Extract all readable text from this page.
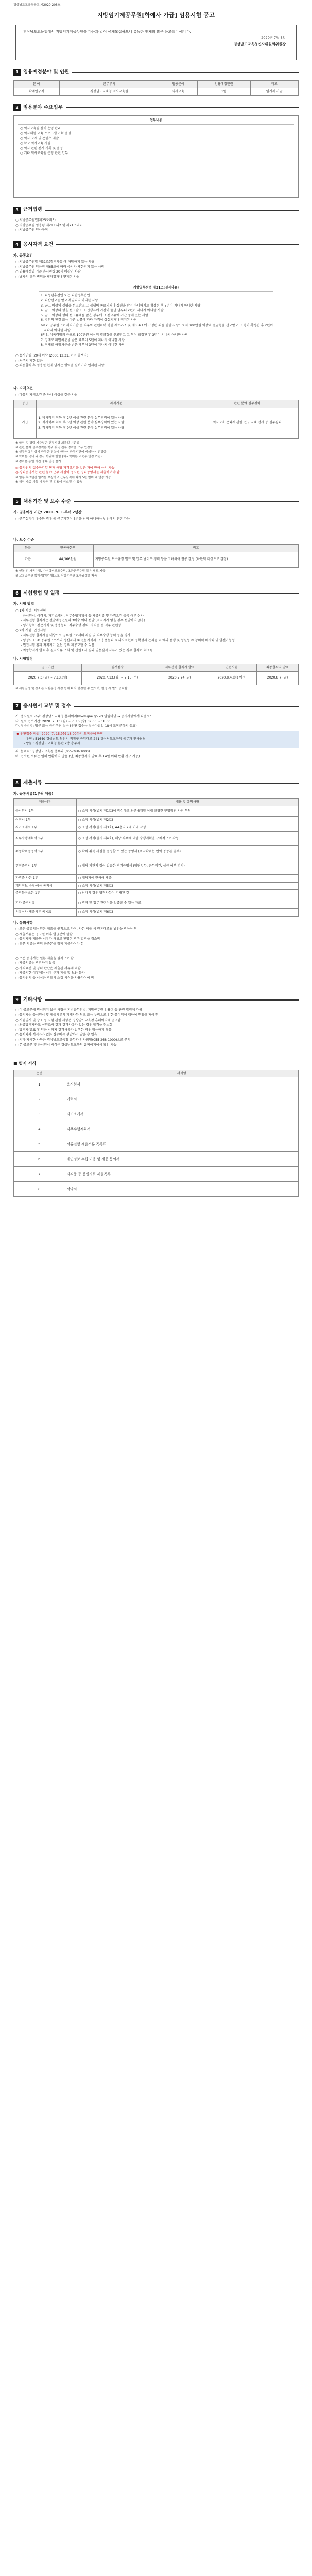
경상남도교육청공고 제2020-208호
지방임기제공무원[학예사 가급] 임용시험 공고
경상남도교육청에서 지방임기제공무원을 다음과 같이 공개모집하오니 유능한 인재의 많은 응모를 바랍니다.
2020년 7월 3일
경상남도교육청인사위원회위원장
1 임용예정분야 및 인원
분 야	근무부서	임용분야	임용예정인원	비고
학예연구직	경상남도교육청 역사교육원	역사교육	1명	임기제 가급
2 임용분야 주요업무
업무내용
○ 역사교육원 설치 운영 관리
○ 역사체험·교육 프로그램 기획·운영
○ 역사 교재 및 콘텐츠 개발
○ 학교 역사교육 지원
○ 역사 관련 전시 기획 및 운영
○ 기타 역사교육원 운영 관련 업무
3 근거법령
○ 지방공무원법(제25조의5)
○ 지방공무원 임용령 제21조의2 및 제21조의9
○ 지방공무원 인사규칙
4 응시자격 요건
가. 공통요건
○ 지방공무원법 제31조(결격사유)에 해당하지 않는 사람
○ 지방공무원 임용령 제65조에 따라 응시가 제한되지 않은 사람
○ 임용예정일 기준 응시연령 20세 이상인 사람
○ 남자의 경우 병역을 필하였거나 면제된 사람
지방공무원법 제31조(결격사유)
1. 피성년후견인 또는 피한정후견인
2. 파산선고를 받고 복권되지 아니한 사람
3. 금고 이상의 실형을 선고받고 그 집행이 종료되거나 집행을 받지 아니하기로 확정된 후 5년이 지나지 아니한 사람
4. 금고 이상의 형을 선고받고 그 집행유예 기간이 끝난 날부터 2년이 지나지 아니한 사람
5. 금고 이상의 형의 선고유예를 받은 경우에 그 선고유예 기간 중에 있는 사람
6. 법원의 판결 또는 다른 법률에 따라 자격이 상실되거나 정지된 사람
6의2. 공무원으로 재직기간 중 직무와 관련하여 형법 제355조 및 제356조에 규정된 죄를 범한 사람으로서 300만원 이상의 벌금형을 선고받고 그 형이 확정된 후 2년이 지나지 아니한 사람
6의3. 성폭력범죄 등으로 100만원 이상의 벌금형을 선고받고 그 형이 확정된 후 3년이 지나지 아니한 사람
7. 징계로 파면처분을 받은 때부터 5년이 지나지 아니한 사람
8. 징계로 해임처분을 받은 때부터 3년이 지나지 아니한 사람
○ 응시연령: 20세 이상 (2000.12.31. 이전 출생자)
○ 거주지 제한 없음
○ 최종합격 후 임용일 현재 남자는 병역을 필하거나 면제된 사람
나. 자격요건
○ 다음의 자격요건 중 하나 이상을 갖춘 사람
등급	자격기준	관련 분야 실무경력
가급	1. 박사학위 취득 후 2년 이상 관련 분야 실무경력이 있는 사람
2. 석사학위 취득 후 5년 이상 관련 분야 실무경력이 있는 사람
3. 학사학위 취득 후 9년 이상 관련 분야 실무경력이 있는 사람	역사교육·문화재 관련 연구·교육·전시 등 실무경력
※ 학위 및 경력 기준일은 면접시험 최종일 기준임
※ 관련 분야 실무경력은 학위 취득 전후 경력을 모두 인정함
※ 실무경력은 상시 근무한 경력에 한하며 근무시간에 비례하여 인정함
※ 학위는 국내·외 정규 학위에 한함 (외국학위는 교육부 인정 기관)
※ 경력은 동일 기간 중복 인정 불가
◎ 응시원서 접수마감일 현재 해당 자격요건을 갖춘 자에 한해 응시 가능
◎ 경력증명서는 관련 분야 근무 사실이 명시된 경력증명서를 제출하여야 함
※ 임용 후 2년간 임기를 보장하고 근무실적에 따라 5년 범위 내 연장 가능
※ 허위 자료 제출 시 합격 및 임용이 취소될 수 있음
5 채용기간 및 보수 수준
가. 임용예정 기간: 2020. 9. 1.부터 2년간
○ 근무실적이 우수한 경우 총 근무기간이 5년을 넘지 아니하는 범위에서 연장 가능
나. 보수 수준
등급	연봉하한액	비고
가급	44,366천원	지방공무원 보수규정 별표 및 업무 난이도·경력 등을 고려하여 연봉 결정 (하한액 이상으로 결정)
※ 연봉 외 가족수당, 자녀학비보조수당, 초과근무수당 등은 별도 지급
※ 교육공무원 학예직(임기제)으로 지방공무원 보수규정을 따름
6 시험방법 및 일정
가. 시험 방법
○ 1차 시험: 서류전형
- 응시원서, 이력서, 자기소개서, 직무수행계획서 등 제출서류 및 자격요건 충족 여부 심사
- 서류전형 합격자는 선발예정인원의 3배수 이내 선발 (적격자가 없을 경우 선발하지 않음)
- 평가항목: 전문지식 및 응용능력, 직무수행 경력, 자격증 등 직무 관련성
○ 2차 시험: 면접시험
- 서류전형 합격자를 대상으로 공무원으로서의 자질 및 직무수행 능력 등을 평가
- 평정요소: ① 공무원으로서의 정신자세 ② 전문지식과 그 응용능력 ③ 의사표현의 정확성과 논리성 ④ 예의·품행 및 성실성 ⑤ 창의력·의지력 및 발전가능성
- 면접시험 결과 적격자가 없는 경우 재공고할 수 있음
- 최종합격자 발표 후 결격사유 조회 및 신원조사 결과 임용결격 사유가 있는 경우 합격이 취소됨
나. 시험일정
공고기간	원서접수	서류전형 합격자 발표	면접시험	최종합격자 발표
2020.7.3.(금) ~ 7.13.(월)	2020.7.13.(월) ~ 7.15.(수)	2020.7.24.(금)	2020.8.4.(화) 예정	2020.8.7.(금)
※ 시험일정 및 장소는 시험운영 사정 등에 따라 변경될 수 있으며, 변경 시 별도 공지함
7 응시원서 교부 및 접수
가. 응시원서 교부: 경상남도교육청 홈페이지(www.gne.go.kr) 알림마당 → 공지사항에서 다운로드
나. 원서 접수기간: 2020. 7. 13.(월) ~ 7. 15.(수) 09:00 ~ 18:00
다. 접수방법: 방문 또는 등기우편 접수 (우편 접수는 접수마감일 18시 도착분까지 유효)
◆ 우편접수 마감: 2020. 7. 15.(수) 18:00까지 도착분에 한함
- 우편 : 51640 경상남도 창원시 의창구 중앙대로 241 경상남도교육청 총무과 인사담당
- 방문 : 경상남도교육청 본관 2층 총무과
라. 문의처: 경상남도교육청 총무과 (055-268-1000)
마. 접수된 서류는 일체 반환하지 않음 (단, 최종합격자 발표 후 14일 이내 반환 청구 가능)
8 제출서류
가. 공통서류(1부씩 제출)
제출서류	내용 및 유의사항
응시원서 1부	○ 소정 서식(별지 제1호)에 작성하고 최근 6개월 이내 촬영한 반명함판 사진 부착
이력서 1부	○ 소정 서식(별지 제2호)
자기소개서 1부	○ 소정 서식(별지 제3호), A4용지 2매 이내 작성
직무수행계획서 1부	○ 소정 서식(별지 제4호), 해당 직무에 대한 수행계획을 구체적으로 작성
최종학위증명서 1부	○ 학위 취득 사실을 증빙할 수 있는 증명서 (외국학위는 번역 공증본 첨부)
경력증명서 1부	○ 해당 기관의 장이 발급한 경력증명서 (담당업무, 근무기간, 상근 여부 명시)
자격증 사본 1부	○ 해당자에 한하여 제출
개인정보 수집·이용 동의서	○ 소정 서식(별지 제5호)
주민등록초본 1부	○ 남자의 경우 병적사항이 기재된 것
기타 증빙서류	○ 경력 및 업무 관련성을 입증할 수 있는 자료
서류심사 제출서류 목록표	○ 소정 서식(별지 제6호)
나. 유의사항
○ 모든 증명서는 원본 제출을 원칙으로 하며, 사본 제출 시 원본대조필 날인을 받아야 함
○ 제출서류는 공고일 이후 발급분에 한함
○ 응시자가 제출한 서류가 허위로 판명된 경우 합격을 취소함
○ 영문 서류는 번역 공증본을 함께 제출하여야 함
○ 모든 증명서는 원본 제출을 원칙으로 함
○ 제출서류는 반환하지 않음
○ 자격요건 및 경력 판단은 제출된 서류에 의함
○ 제출기한 이후에는 서류 추가 제출 및 보완 불가
○ 응시원서 등 서식은 반드시 소정 서식을 사용하여야 함
9 기타사항
○ 이 공고문에 명시되지 않은 사항은 지방공무원법, 지방공무원 임용령 등 관련 법령에 따름
○ 응시자는 응시원서 및 제출서류의 기재사항 착오 또는 누락으로 인한 불이익에 대하여 책임을 져야 함
○ 시험일시 및 장소 등 시험 관련 사항은 경상남도교육청 홈페이지에 공고함
○ 최종합격자라도 신원조사 결과 결격사유가 있는 경우 합격을 취소함
○ 합격자 발표 후 임용 시까지 결격사유가 발생한 경우 임용하지 않음
○ 응시자가 적격자가 없는 경우에는 선발하지 않을 수 있음
○ 기타 자세한 사항은 경상남도교육청 총무과 인사담당(055-268-1000)으로 문의
○ 본 공고문 및 응시원서 서식은 경상남도교육청 홈페이지에서 확인 가능
■ 별지 서식
순번	서식명
1	응시원서
2	이력서
3	자기소개서
4	직무수행계획서
5	서류전형 제출서류 목록표
6	개인정보 수집·이용 및 제공 동의서
7	자격증 등 증빙자료 제출목록
8	서약서
